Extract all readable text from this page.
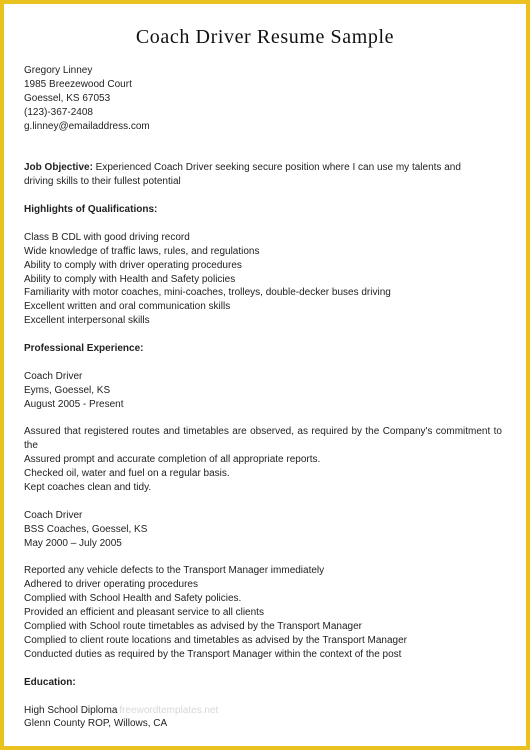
Coach Driver Resume Sample
Gregory Linney
1985 Breezewood Court
Goessel, KS 67053
(123)-367-2408
g.linney@emailaddress.com
Job Objective: Experienced Coach Driver seeking secure position where I can use my talents and
driving skills to their fullest potential
Highlights of Qualifications:
Class B CDL with good driving record
Wide knowledge of traffic laws, rules, and regulations
Ability to comply with driver operating procedures
Ability to comply with Health and Safety policies
Familiarity with motor coaches, mini-coaches, trolleys, double-decker buses driving
Excellent written and oral communication skills
Excellent interpersonal skills
Professional Experience:
Coach Driver
Eyms, Goessel, KS
August 2005 - Present
Assured that registered routes and timetables are observed, as required by the Company's commitment to the
Assured prompt and accurate completion of all appropriate reports.
Checked oil, water and fuel on a regular basis.
Kept coaches clean and tidy.
Coach Driver
BSS Coaches, Goessel, KS
May 2000 – July 2005
Reported any vehicle defects to the Transport Manager immediately
Adhered to driver operating procedures
Complied with School Health and Safety policies.
Provided an efficient and pleasant service to all clients
Complied with School route timetables as advised by the Transport Manager
Complied to client route locations and timetables as advised by the Transport Manager
Conducted duties as required by the Transport Manager within the context of the post
Education:
High School Diploma freewordtemplates.net
Glenn County ROP, Willows, CA
